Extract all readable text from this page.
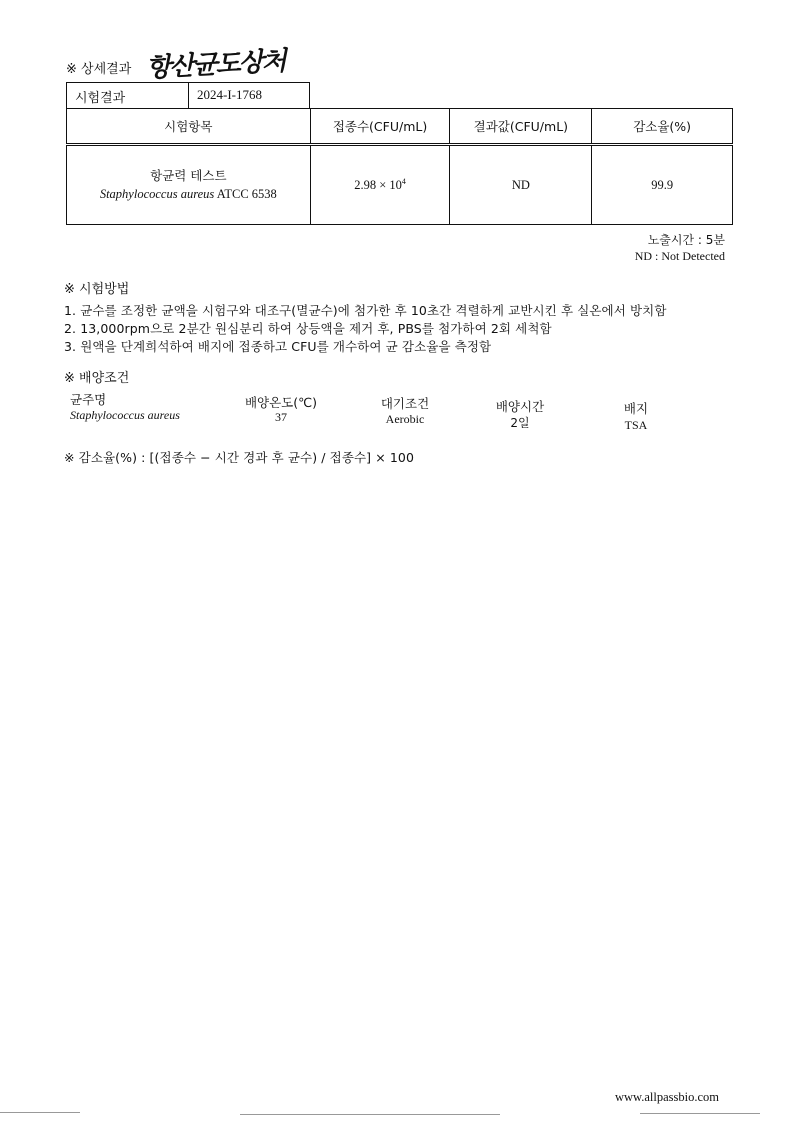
※ 상세결과 항산균도상처
시험결과	2024-I-1768
시험항목	접종수(CFU/mL)	결과값(CFU/mL)	감소율(%)

항균력 테스트
Staphylococcus aureus ATCC 6538	$2.98 \times 10^4$	ND	99.9
노출시간 : 5분
ND : Not Detected
※ 시험방법
1. 균수를 조정한 균액을 시험구와 대조구(멸균수)에 첨가한 후 10초간 격렬하게 교반시킨 후 실온에서 방치함
2. 13,000rpm으로 2분간 원심분리 하여 상등액을 제거 후, PBS를 첨가하여 2회 세척함
3. 원액을 단계희석하여 배지에 접종하고 CFU를 개수하여 균 감소율을 측정함
※ 배양조건
균주명	배양온도(℃)	대기조건	배양시간	배지
Staphylococcus aureus	37	Aerobic	2일	TSA
※ 감소율(%) : [(접종수 − 시간 경과 후 균수) / 접종수] × 100
www.allpassbio.com
